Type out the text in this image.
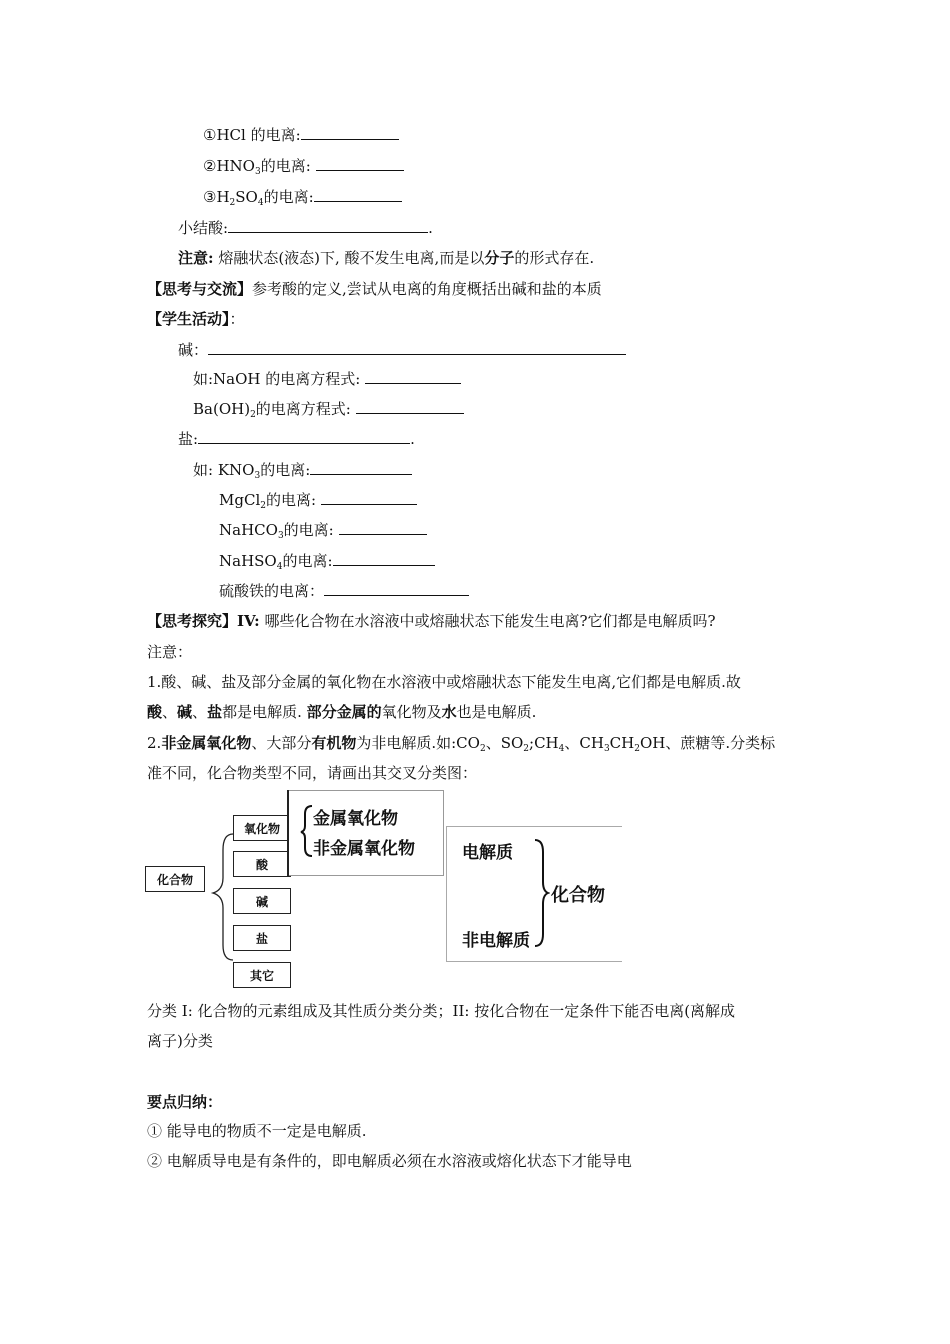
①HCl 的电离:
$②HNO_3$的电离:
$③H_2SO_4$的电离:
小结酸:	.
注意: 熔融状态(液态)下, 酸不发生电离,而是以分子的形式存在.
【思考与交流】参考酸的定义,尝试从电离的角度概括出碱和盐的本质
【学生活动】：
碱：
如:NaOH 的电离方程式:
$Ba(OH)_2$的电离方程式:
盐:	.
如: $KNO_3$的电离:
MgCl$_2$的电离:
NaHCO$_3$的电离:
NaHSO$_4$的电离:
硫酸铁的电离：
【思考探究】IV: 哪些化合物在水溶液中或熔融状态下能发生电离?它们都是电解质吗?
注意：
1.酸、碱、盐及部分金属的氧化物在水溶液中或熔融状态下能发生电离,它们都是电解质.故
酸、碱、盐都是电解质. 部分金属的氧化物及水也是电解质.
2.非金属氧化物、大部分有机物为非电解质.如$:CO_2$、$SO_2;CH_4$、$CH_3CH_2OH$、蔗糖等.分类标
准不同，化合物类型不同，请画出其交叉分类图：
化合物
氧化物
酸
碱
盐
其它
金属氧化物
非金属氧化物	电解质
非电解质
化合物
分类 I: 化合物的元素组成及其性质分类分类；II: 按化合物在一定条件下能否电离(离解成
离子)分类
要点归纳：
① 能导电的物质不一定是电解质.
② 电解质导电是有条件的，即电解质必须在水溶液或熔化状态下才能导电
